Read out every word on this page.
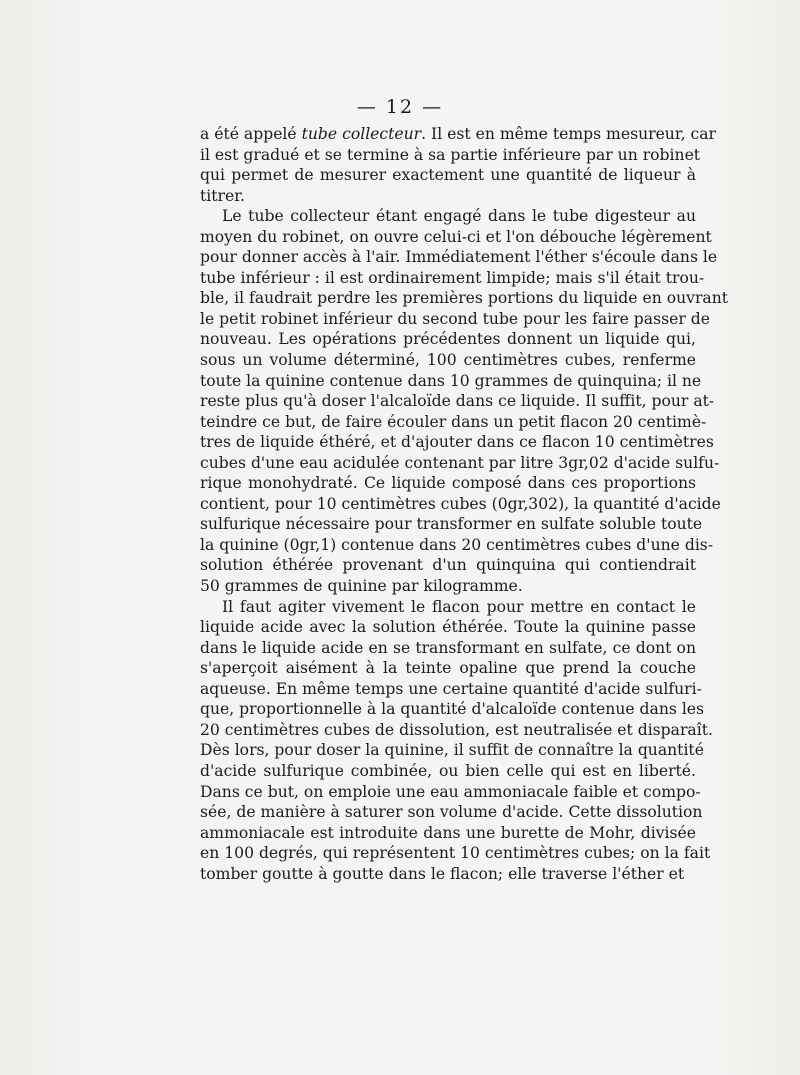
— 12 —
a été appelé tube collecteur. Il est en même temps mesureur, car
il est gradué et se termine à sa partie inférieure par un robinet
qui permet de mesurer exactement une quantité de liqueur à
titrer.
Le tube collecteur étant engagé dans le tube digesteur au
moyen du robinet, on ouvre celui-ci et l'on débouche légèrement
pour donner accès à l'air. Immédiatement l'éther s'écoule dans le
tube inférieur : il est ordinairement limpide; mais s'il était trou-
ble, il faudrait perdre les premières portions du liquide en ouvrant
le petit robinet inférieur du second tube pour les faire passer de
nouveau. Les opérations précédentes donnent un liquide qui,
sous un volume déterminé, 100 centimètres cubes, renferme
toute la quinine contenue dans 10 grammes de quinquina; il ne
reste plus qu'à doser l'alcaloïde dans ce liquide. Il suffit, pour at-
teindre ce but, de faire écouler dans un petit flacon 20 centimè-
tres de liquide éthéré, et d'ajouter dans ce flacon 10 centimètres
cubes d'une eau acidulée contenant par litre 3gr,02 d'acide sulfu-
rique monohydraté. Ce liquide composé dans ces proportions
contient, pour 10 centimètres cubes (0gr,302), la quantité d'acide
sulfurique nécessaire pour transformer en sulfate soluble toute
la quinine (0gr,1) contenue dans 20 centimètres cubes d'une dis-
solution éthérée provenant d'un quinquina qui contiendrait
50 grammes de quinine par kilogramme.
Il faut agiter vivement le flacon pour mettre en contact le
liquide acide avec la solution éthérée. Toute la quinine passe
dans le liquide acide en se transformant en sulfate, ce dont on
s'aperçoit aisément à la teinte opaline que prend la couche
aqueuse. En même temps une certaine quantité d'acide sulfuri-
que, proportionnelle à la quantité d'alcaloïde contenue dans les
20 centimètres cubes de dissolution, est neutralisée et disparaît.
Dès lors, pour doser la quinine, il suffit de connaître la quantité
d'acide sulfurique combinée, ou bien celle qui est en liberté.
Dans ce but, on emploie une eau ammoniacale faible et compo-
sée, de manière à saturer son volume d'acide. Cette dissolution
ammoniacale est introduite dans une burette de Mohr, divisée
en 100 degrés, qui représentent 10 centimètres cubes; on la fait
tomber goutte à goutte dans le flacon; elle traverse l'éther et
